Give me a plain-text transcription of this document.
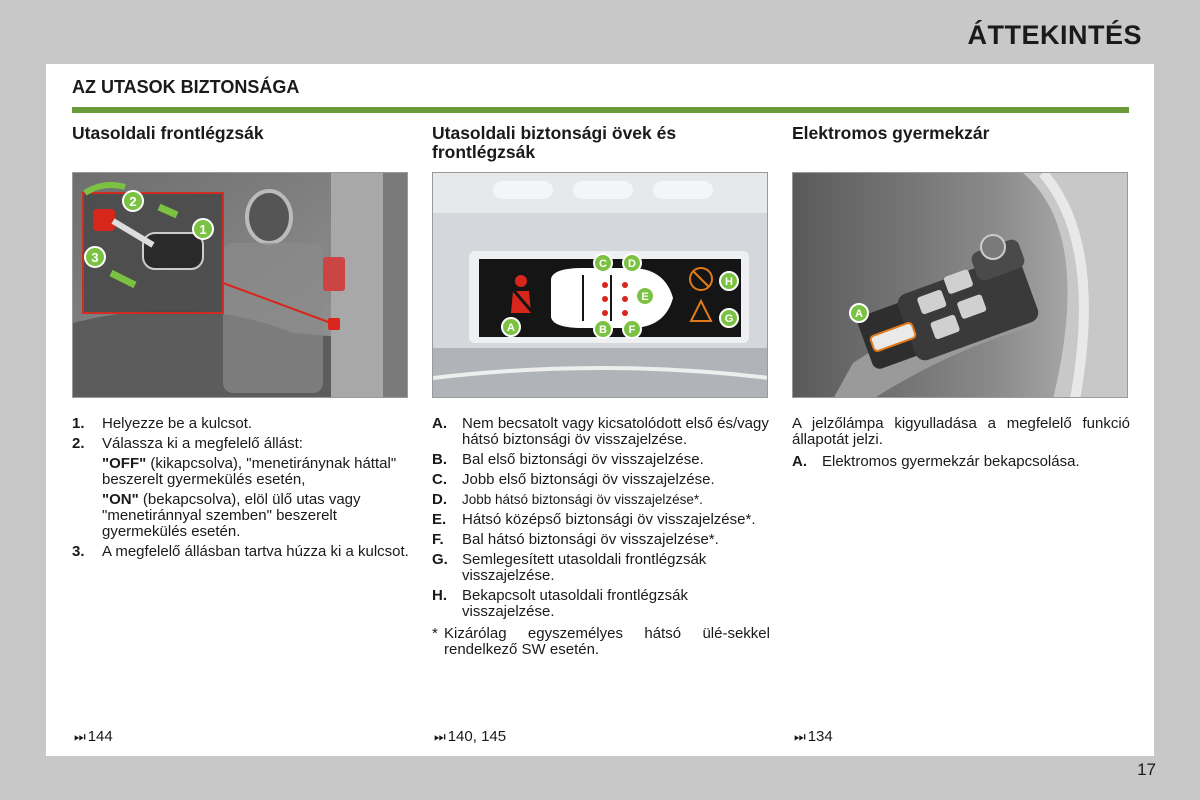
ÁTTEKINTÉS
AZ UTASOK BIZTONSÁGA
Utasoldali frontlégzsák
2
1
3
1.	Helyezze be a kulcsot.
2.	Válassza ki a megfelelő állást:
"OFF" (kikapcsolva), "menetiránynak háttal" beszerelt gyermekülés esetén,
"ON" (bekapcsolva), elöl ülő utas vagy "menetiránnyal szemben" beszerelt gyermekülés esetén.
3.	A megfelelő állásban tartva húzza ki a kulcsot.
⏭ 144
Utasoldali biztonsági övek és frontlégzsák
A	B
C D
E
F
G
H
A.	Nem becsatolt vagy kicsatolódott első és/vagy hátsó biztonsági öv visszajelzése.
B.	Bal első biztonsági öv visszajelzése.
C.	Jobb első biztonsági öv visszajelzése.
D.	Jobb hátsó biztonsági öv visszajelzése*.
E.	Hátsó középső biztonsági öv visszajelzése*.
F.	Bal hátsó biztonsági öv visszajelzése*.
G. Semlegesített utasoldali frontlégzsák visszajelzése.
H.	Bekapcsolt utasoldali frontlégzsák visszajelzése.
* Kizárólag egyszemélyes hátsó ülé-sekkel rendelkező SW esetén.
⏭ 140, 145
Elektromos gyermekzár
A
A jelzőlámpa kigyulladása a megfelelő funkció állapotát jelzi.
A.	Elektromos gyermekzár bekapcsolása.
⏭ 134
17
